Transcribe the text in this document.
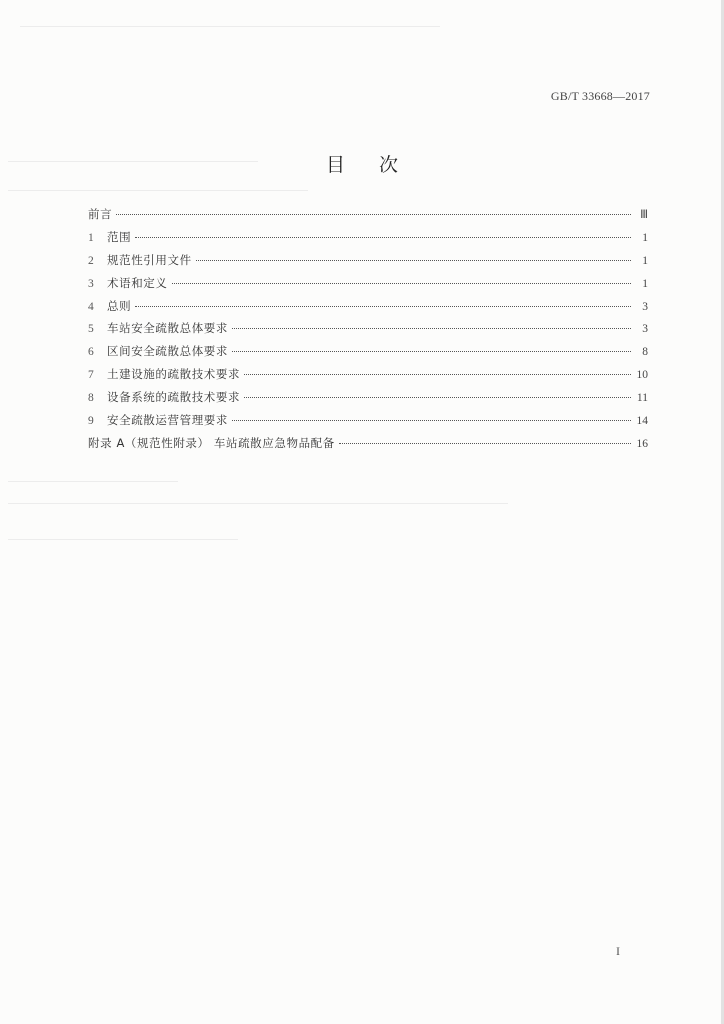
GB/T 33668—2017
目次
前言	Ⅲ
1	范围	1
2	规范性引用文件	1
3	术语和定义	1
4	总则	3
5	车站安全疏散总体要求	3
6	区间安全疏散总体要求	8
7	土建设施的疏散技术要求	10
8	设备系统的疏散技术要求	11
9	安全疏散运营管理要求	14
附录 A（规范性附录） 车站疏散应急物品配备	16
I
